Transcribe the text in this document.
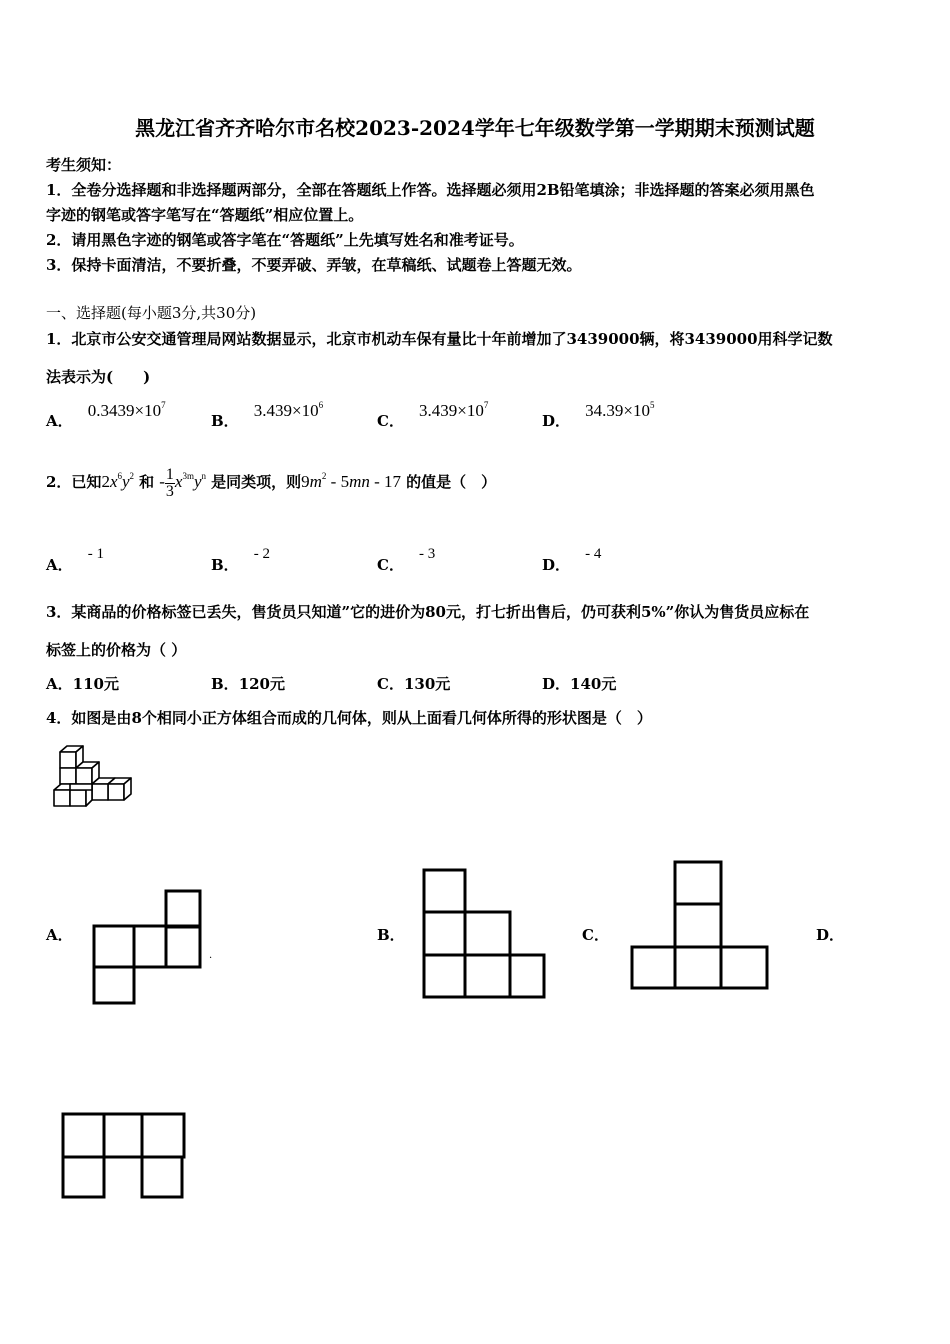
黑龙江省齐齐哈尔市名校2023-2024学年七年级数学第一学期期末预测试题
考生须知：
1．全卷分选择题和非选择题两部分，全部在答题纸上作答。选择题必须用2B铅笔填涂；非选择题的答案必须用黑色
字迹的钢笔或答字笔写在“答题纸”相应位置上。
2．请用黑色字迹的钢笔或答字笔在“答题纸”上先填写姓名和准考证号。
3．保持卡面清洁，不要折叠，不要弄破、弄皱，在草稿纸、试题卷上答题无效。
一、选择题(每小题3分,共30分)
1．北京市公安交通管理局网站数据显示，北京市机动车保有量比十年前增加了3439000辆，将3439000用科学记数
法表示为(　　)
A． $0.3439\times 10^7$
B． $3.439\times 10^6$
C． $3.439\times 10^7$
D． $34.39\times 10^5$
2．已知$2x^6y^2$ 和 - $\frac{1}{3} x^{3m}y^n$ 是同类项，则$9m^2 - 5mn - 17$ 的值是（　）
A． - 1
B． - 2
C． - 3
D． - 4
3．某商品的价格标签已丢失，售货员只知道”它的进价为80元，打七折出售后，仍可获利5%”你认为售货员应标在
标签上的价格为（ ）
A．110元	B．120元	C．130元	D．140元
4．如图是由8个相同小正方体组合而成的几何体，则从上面看几何体所得的形状图是（　）
A．	B．	C．	D．
.
